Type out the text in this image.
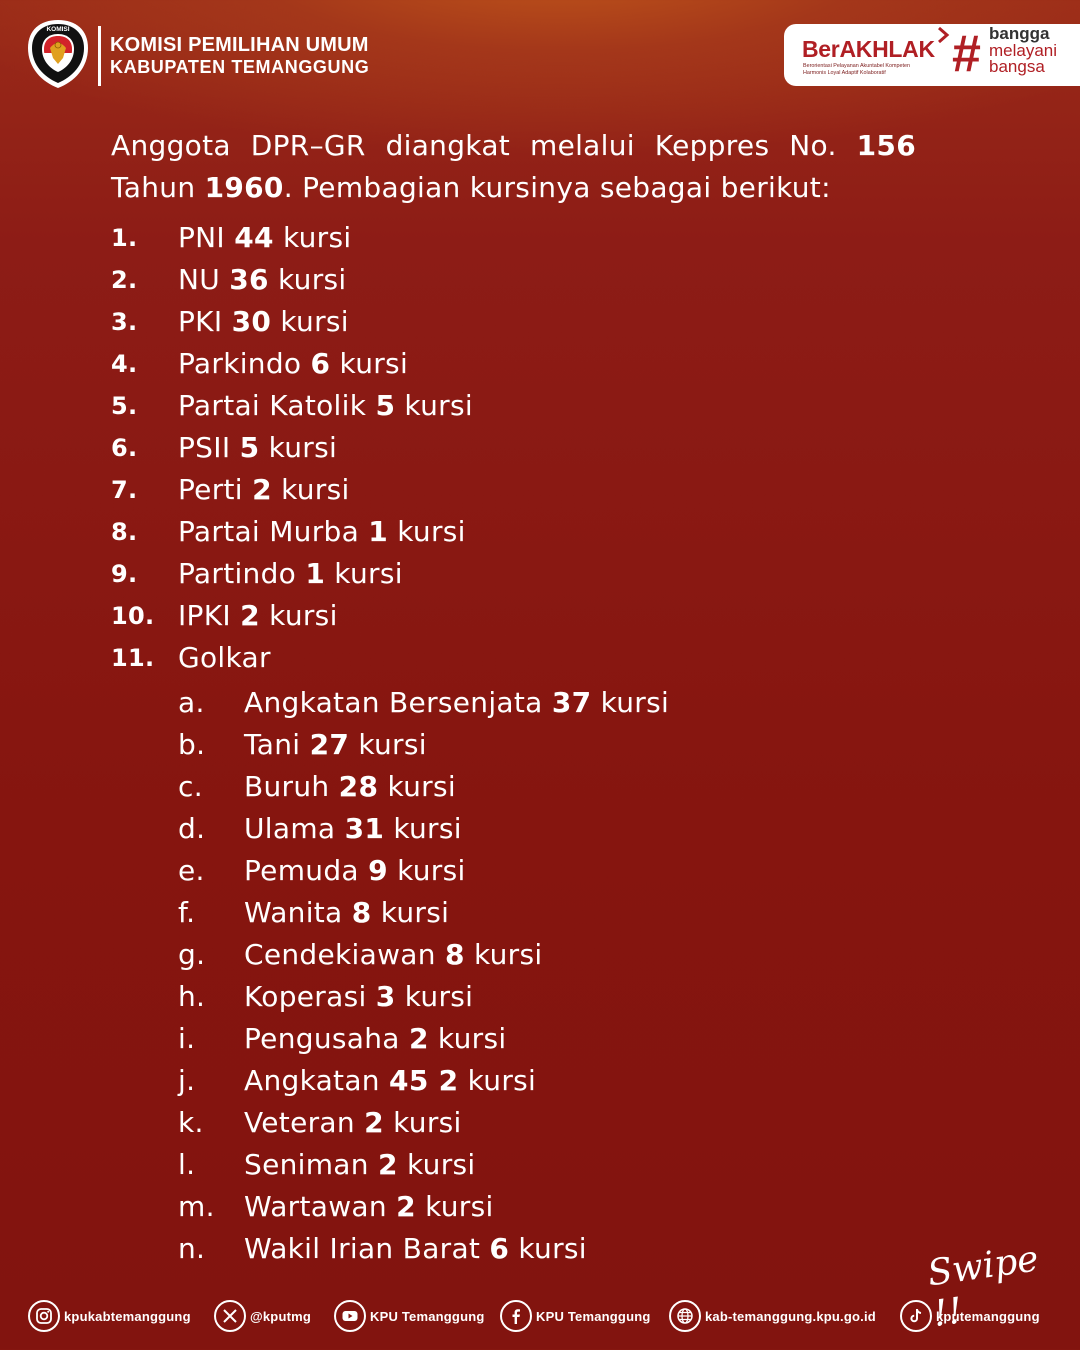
KOMISI
KOMISI PEMILIHAN UMUM
KABUPATEN TEMANGGUNG
BerAKHLAK
Berorientasi Pelayanan Akuntabel Kompeten
Harmonis Loyal Adaptif Kolaboratif	# bangga
melayani
bangsa
Anggota DPR–GR diangkat melalui Keppres No. 156
Tahun 1960. Pembagian kursinya sebagai berikut:
1.	PNI 44 kursi
2.	NU 36 kursi
3.	PKI 30 kursi
4.	Parkindo 6 kursi
5.	Partai Katolik 5 kursi
6.	PSII 5 kursi
7.	Perti 2 kursi
8.	Partai Murba 1 kursi
9.	Partindo 1 kursi
10. IPKI 2 kursi
11. Golkar
a. Angkatan Bersenjata 37 kursi
b. Tani 27 kursi
c. Buruh 28 kursi
d. Ulama 31 kursi
e. Pemuda 9 kursi
f. Wanita 8 kursi
g. Cendekiawan 8 kursi
h. Koperasi 3 kursi
i. Pengusaha 2 kursi
j. Angkatan 45 2 kursi
k. Veteran 2 kursi
l. Seniman 2 kursi
m. Wartawan 2 kursi
n. Wakil Irian Barat 6 kursi	Swipe !!
kpukabtemanggung	@kputmg	KPU Temanggung	KPU Temanggung	kab-temanggung.kpu.go.id	kputemanggung
